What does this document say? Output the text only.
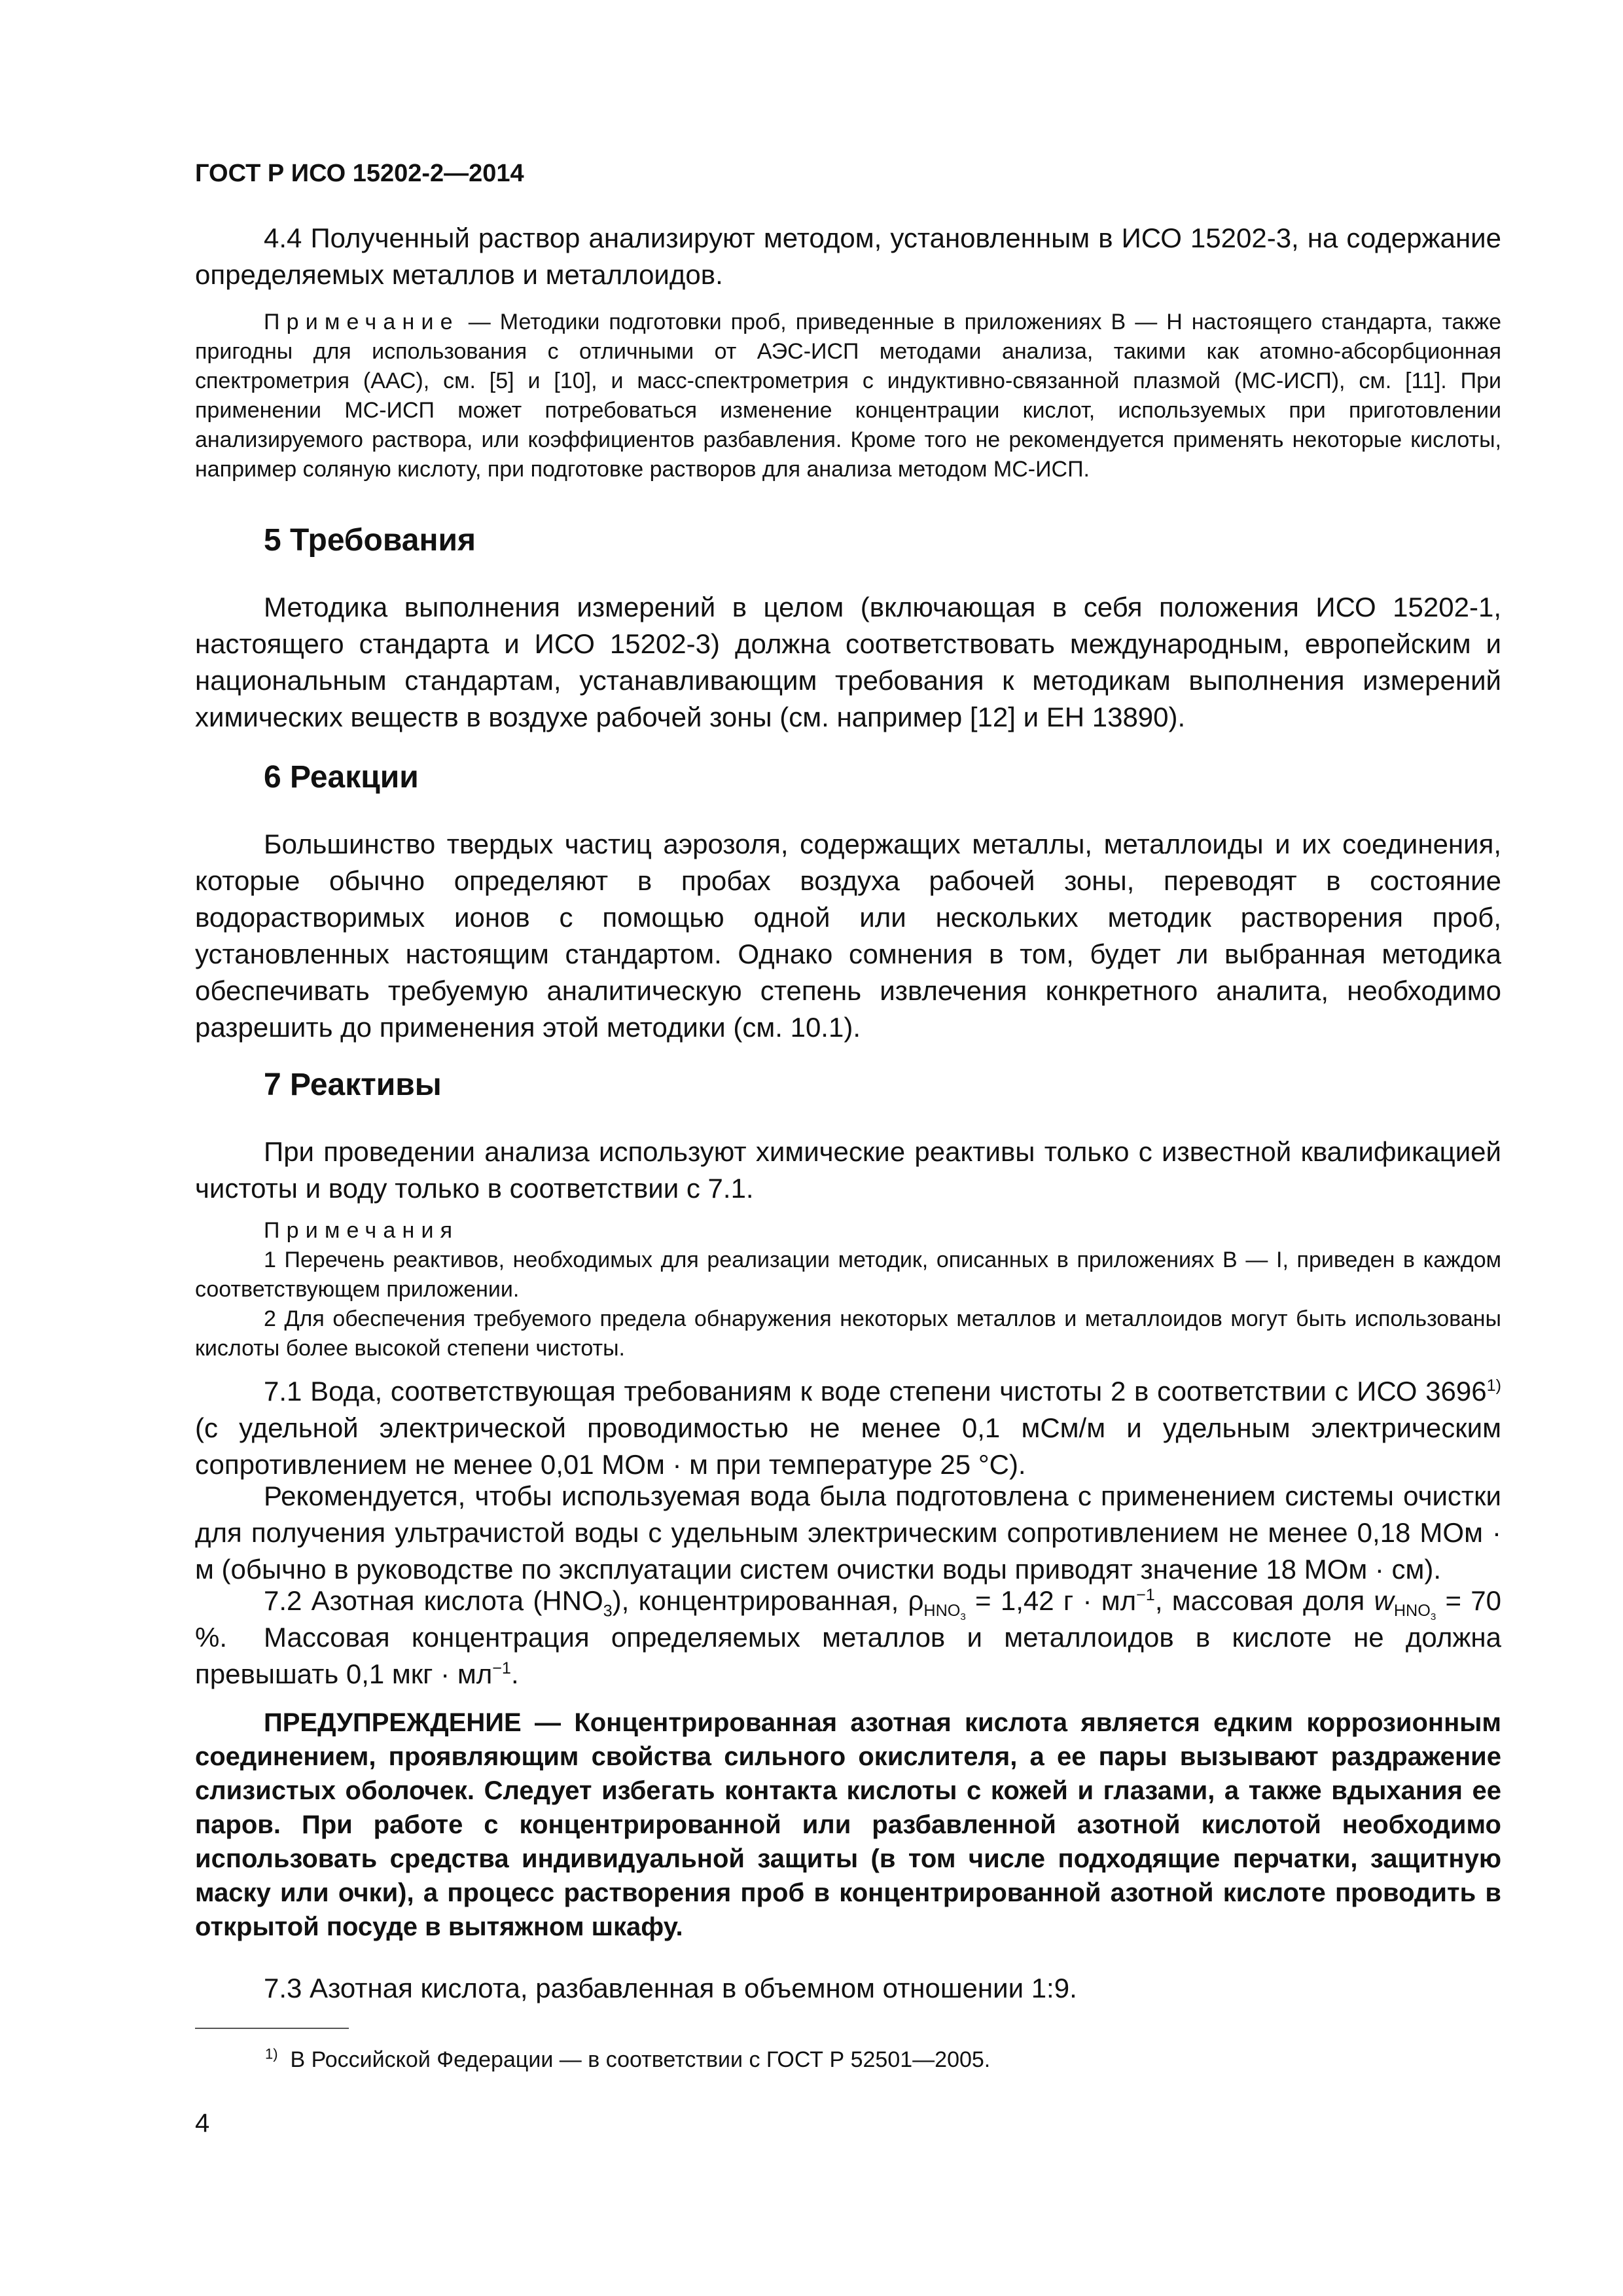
ГОСТ Р ИСО 15202-2—2014

4.4 Полученный раствор анализируют методом, установленным в ИСО 15202-3, на содержание определяемых металлов и металлоидов.

Примечание — Методики подготовки проб, приведенные в приложениях В — Н настоящего стандарта, также пригодны для использования с отличными от АЭС-ИСП методами анализа, такими как атомно-абсорбционная спектрометрия (ААС), см. [5] и [10], и масс-спектрометрия с индуктивно-связанной плазмой (МС-ИСП), см. [11]. При применении МС-ИСП может потребоваться изменение концентрации кислот, используемых при приготовлении анализируемого раствора, или коэффициентов разбавления. Кроме того не рекомендуется применять некоторые кислоты, например соляную кислоту, при подготовке растворов для анализа методом МС-ИСП.

5 Требования

Методика выполнения измерений в целом (включающая в себя положения ИСО 15202-1, настоящего стандарта и ИСО 15202-3) должна соответствовать международным, европейским и национальным стандартам, устанавливающим требования к методикам выполнения измерений химических веществ в воздухе рабочей зоны (см. например [12] и ЕН 13890).

6 Реакции

Большинство твердых частиц аэрозоля, содержащих металлы, металлоиды и их соединения, которые обычно определяют в пробах воздуха рабочей зоны, переводят в состояние водорастворимых ионов с помощью одной или нескольких методик растворения проб, установленных настоящим стандартом. Однако сомнения в том, будет ли выбранная методика обеспечивать требуемую аналитическую степень извлечения конкретного аналита, необходимо разрешить до применения этой методики (см. 10.1).

7 Реактивы

При проведении анализа используют химические реактивы только с известной квалификацией чистоты и воду только в соответствии с 7.1.

Примечания

1 Перечень реактивов, необходимых для реализации методик, описанных в приложениях В — I, приведен в каждом соответствующем приложении.

2 Для обеспечения требуемого предела обнаружения некоторых металлов и металлоидов могут быть использованы кислоты более высокой степени чистоты.

7.1 Вода, соответствующая требованиям к воде степени чистоты 2 в соответствии с ИСО 3696$^{1)}$ (с удельной электрической проводимостью не менее 0,1 мСм/м и удельным электрическим сопротивлением не менее 0,01 МОм · м при температуре 25 °С).

Рекомендуется, чтобы используемая вода была подготовлена с применением системы очистки для получения ультрачистой воды с удельным электрическим сопротивлением не менее 0,18 МОм · м (обычно в руководстве по эксплуатации систем очистки воды приводят значение 18 МОм · см).

7.2 Азотная кислота $(HNO_3)$, концентрированная, $\rho_{HNO_3} = 1,42$ $г \cdot мл^{-1}$, массовая доля $w_{HNO_3} = 70$ %.	Массовая концентрация определяемых металлов и металлоидов в кислоте не должна превышать 0,1 мкг · $мл^{-1}$.

ПРЕДУПРЕЖДЕНИЕ — Концентрированная азотная кислота является едким коррозионным соединением, проявляющим свойства сильного окислителя, а ее пары вызывают раздражение слизистых оболочек. Следует избегать контакта кислоты с кожей и глазами, а также вдыхания ее паров. При работе с концентрированной или разбавленной азотной кислотой необходимо использовать средства индивидуальной защиты (в том числе подходящие перчатки, защитную маску или очки), а процесс растворения проб в концентрированной азотной кислоте проводить в открытой посуде в вытяжном шкафу.

7.3 Азотная кислота, разбавленная в объемном отношении 1:9.

$^{1)}$ В Российской Федерации — в соответствии с ГОСТ Р 52501—2005.
4
